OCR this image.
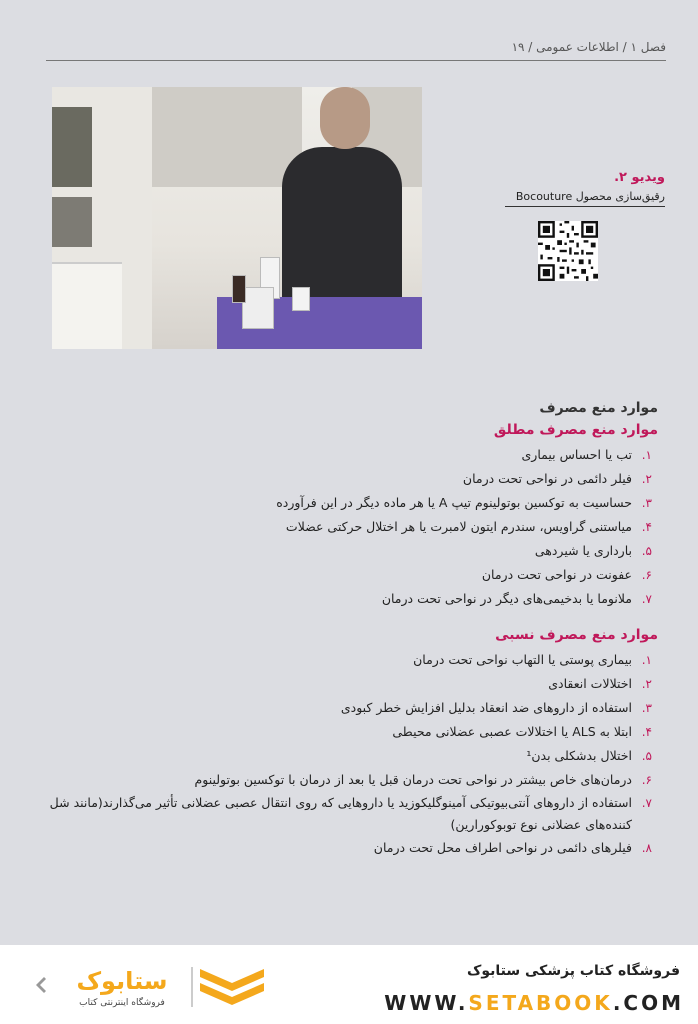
فصل ۱ / اطلاعات عمومی / ۱۹
ویدیو ۲.
رقیق‌سازی محصول Bocouture
موارد منع مصرف
موارد منع مصرف مطلق
۱.
تب یا احساس بیماری
۲.
فیلر دائمی در نواحی تحت درمان
۳.
حساسیت به توکسین بوتولینوم تیپ A یا هر ماده دیگر در این فرآورده
۴.
میاستنی گراویس، سندرم ایتون لامبرت یا هر اختلال حرکتی عضلات
۵.
بارداری یا شیردهی
۶.
عفونت در نواحی تحت درمان
۷.
ملانوما یا بدخیمی‌های دیگر در نواحی تحت درمان
موارد منع مصرف نسبی
۱.
بیماری پوستی یا التهاب نواحی تحت درمان
۲.
اختلالات انعقادی
۳.
استفاده از داروهای ضد انعقاد بدلیل افزایش خطر کبودی
۴.
ابتلا به ALS یا اختلالات عصبی عضلانی محیطی
۵.
اختلال بدشکلی بدن¹
۶.
درمان‌های خاص بیشتر در نواحی تحت درمان قبل یا بعد از درمان با توکسین بوتولینوم
۷.
استفاده از داروهای آنتی‌بیوتیکی آمینوگلیکوزید یا داروهایی که روی انتقال عصبی عضلانی تأثیر می‌گذارند(مانند شل کننده‌های عضلانی نوع توبوکورارین)
۸.
فیلرهای دائمی در نواحی اطراف محل تحت درمان
فروشگاه کتاب پزشکی ستابوک
WWW.SETABOOK.COM
ستابوک
فروشگاه اینترنتی کتاب
